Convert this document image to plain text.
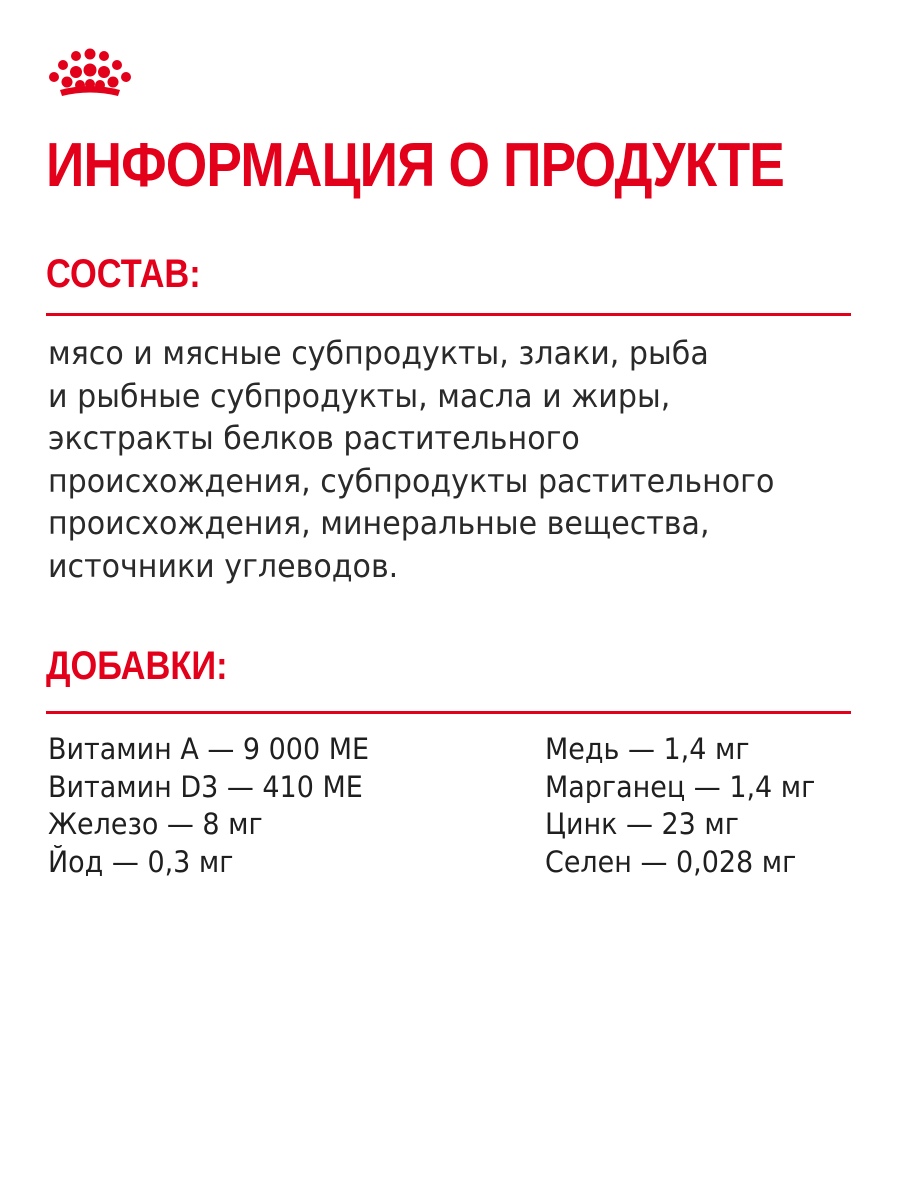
ИНФОРМАЦИЯ О ПРОДУКТЕ
СОСТАВ:

мясо и мясные субпродукты, злаки, рыба
и рыбные субпродукты, масла и жиры,
экстракты белков растительного
происхождения, субпродукты растительного
происхождения, минеральные вещества,
источники углеводов.

ДОБАВКИ:
Витамин А — 9 000 МЕ
Витамин D3 — 410 МЕ
Железо — 8 мг
Йод — 0,3 мг
Медь — 1,4 мг
Марганец — 1,4 мг
Цинк — 23 мг
Селен — 0,028 мг
